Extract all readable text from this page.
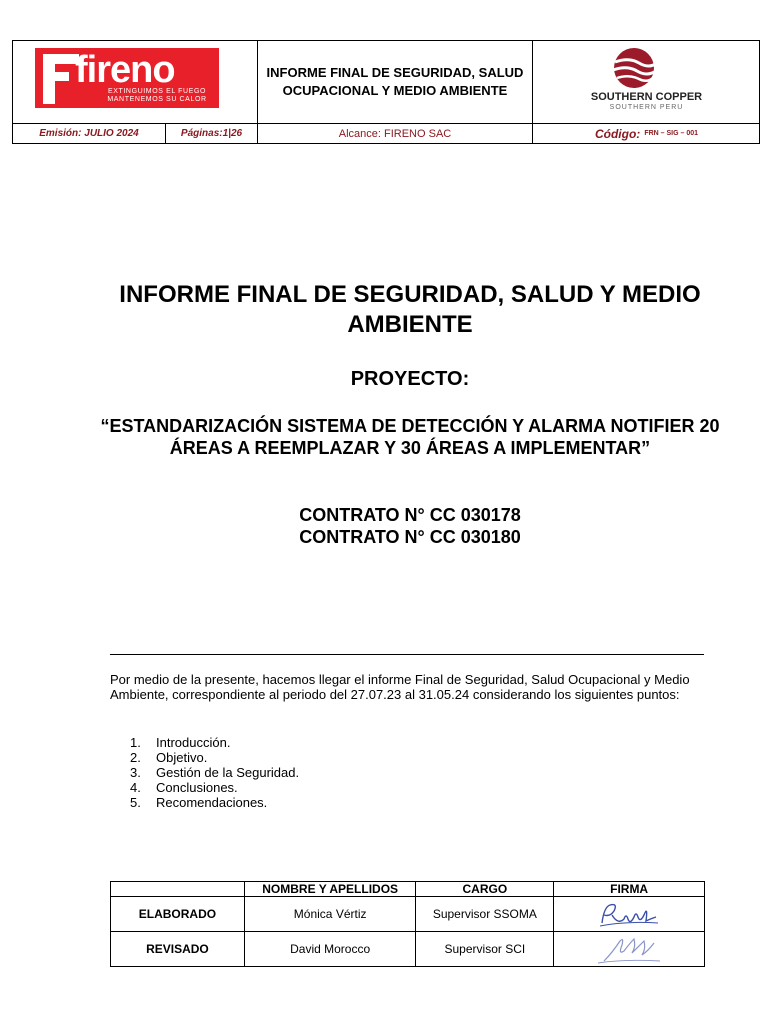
fireno
EXTINGUIMOS EL FUEGO MANTENEMOS SU CALOR
INFORME FINAL DE SEGURIDAD, SALUD OCUPACIONAL Y MEDIO AMBIENTE	SOUTHERN COPPER
SOUTHERN PERU
Emisión: JULIO 2024	Páginas:1|26	Alcance: FIRENO SAC	Código: FRN – SIG – 001
INFORME FINAL DE SEGURIDAD, SALUD Y MEDIO AMBIENTE
PROYECTO:
“ESTANDARIZACIÓN SISTEMA DE DETECCIÓN Y ALARMA NOTIFIER 20 ÁREAS A REEMPLAZAR Y 30 ÁREAS A IMPLEMENTAR”
CONTRATO N° CC 030178
CONTRATO N° CC 030180
Por medio de la presente, hacemos llegar el informe Final de Seguridad, Salud Ocupacional y Medio Ambiente, correspondiente al periodo del 27.07.23 al 31.05.24 considerando los siguientes puntos:
1.	Introducción.
2.	Objetivo.
3.	Gestión de la Seguridad.
4.	Conclusiones.
5.	Recomendaciones.
	NOMBRE Y APELLIDOS	CARGO	FIRMA
ELABORADO	Mónica Vértiz	Supervisor SSOMA	

REVISADO	David Morocco	Supervisor SCI	
